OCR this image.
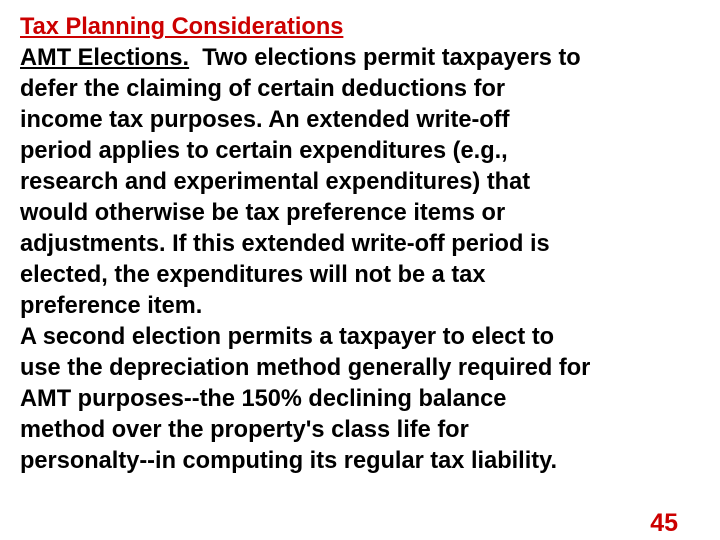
Tax Planning Considerations
AMT Elections. Two elections permit taxpayers to
defer the claiming of certain deductions for
income tax purposes. An extended write-off
period applies to certain expenditures (e.g.,
research and experimental expenditures) that
would otherwise be tax preference items or
adjustments. If this extended write-off period is
elected, the expenditures will not be a tax
preference item.
A second election permits a taxpayer to elect to
use the depreciation method generally required for
AMT purposes--the 150% declining balance
method over the property's class life for
personalty--in computing its regular tax liability.
45
